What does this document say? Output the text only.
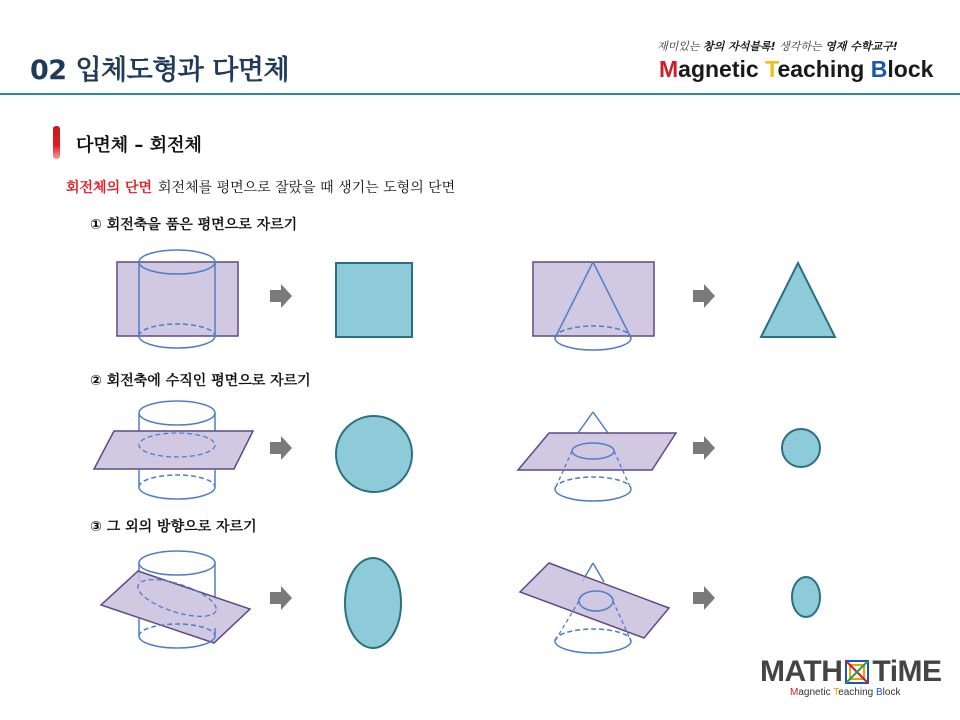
02 입체도형과 다면체
재미있는 창의 자석블록! 생각하는 영재 수학교구!
Magnetic Teaching Block
다면체 – 회전체
회전체의 단면 회전체를 평면으로 잘랐을 때 생기는 도형의 단면
① 회전축을 품은 평면으로 자르기
② 회전축에 수직인 평면으로 자르기
③ 그 외의 방향으로 자르기
MATH TiME
Magnetic Teaching Block
